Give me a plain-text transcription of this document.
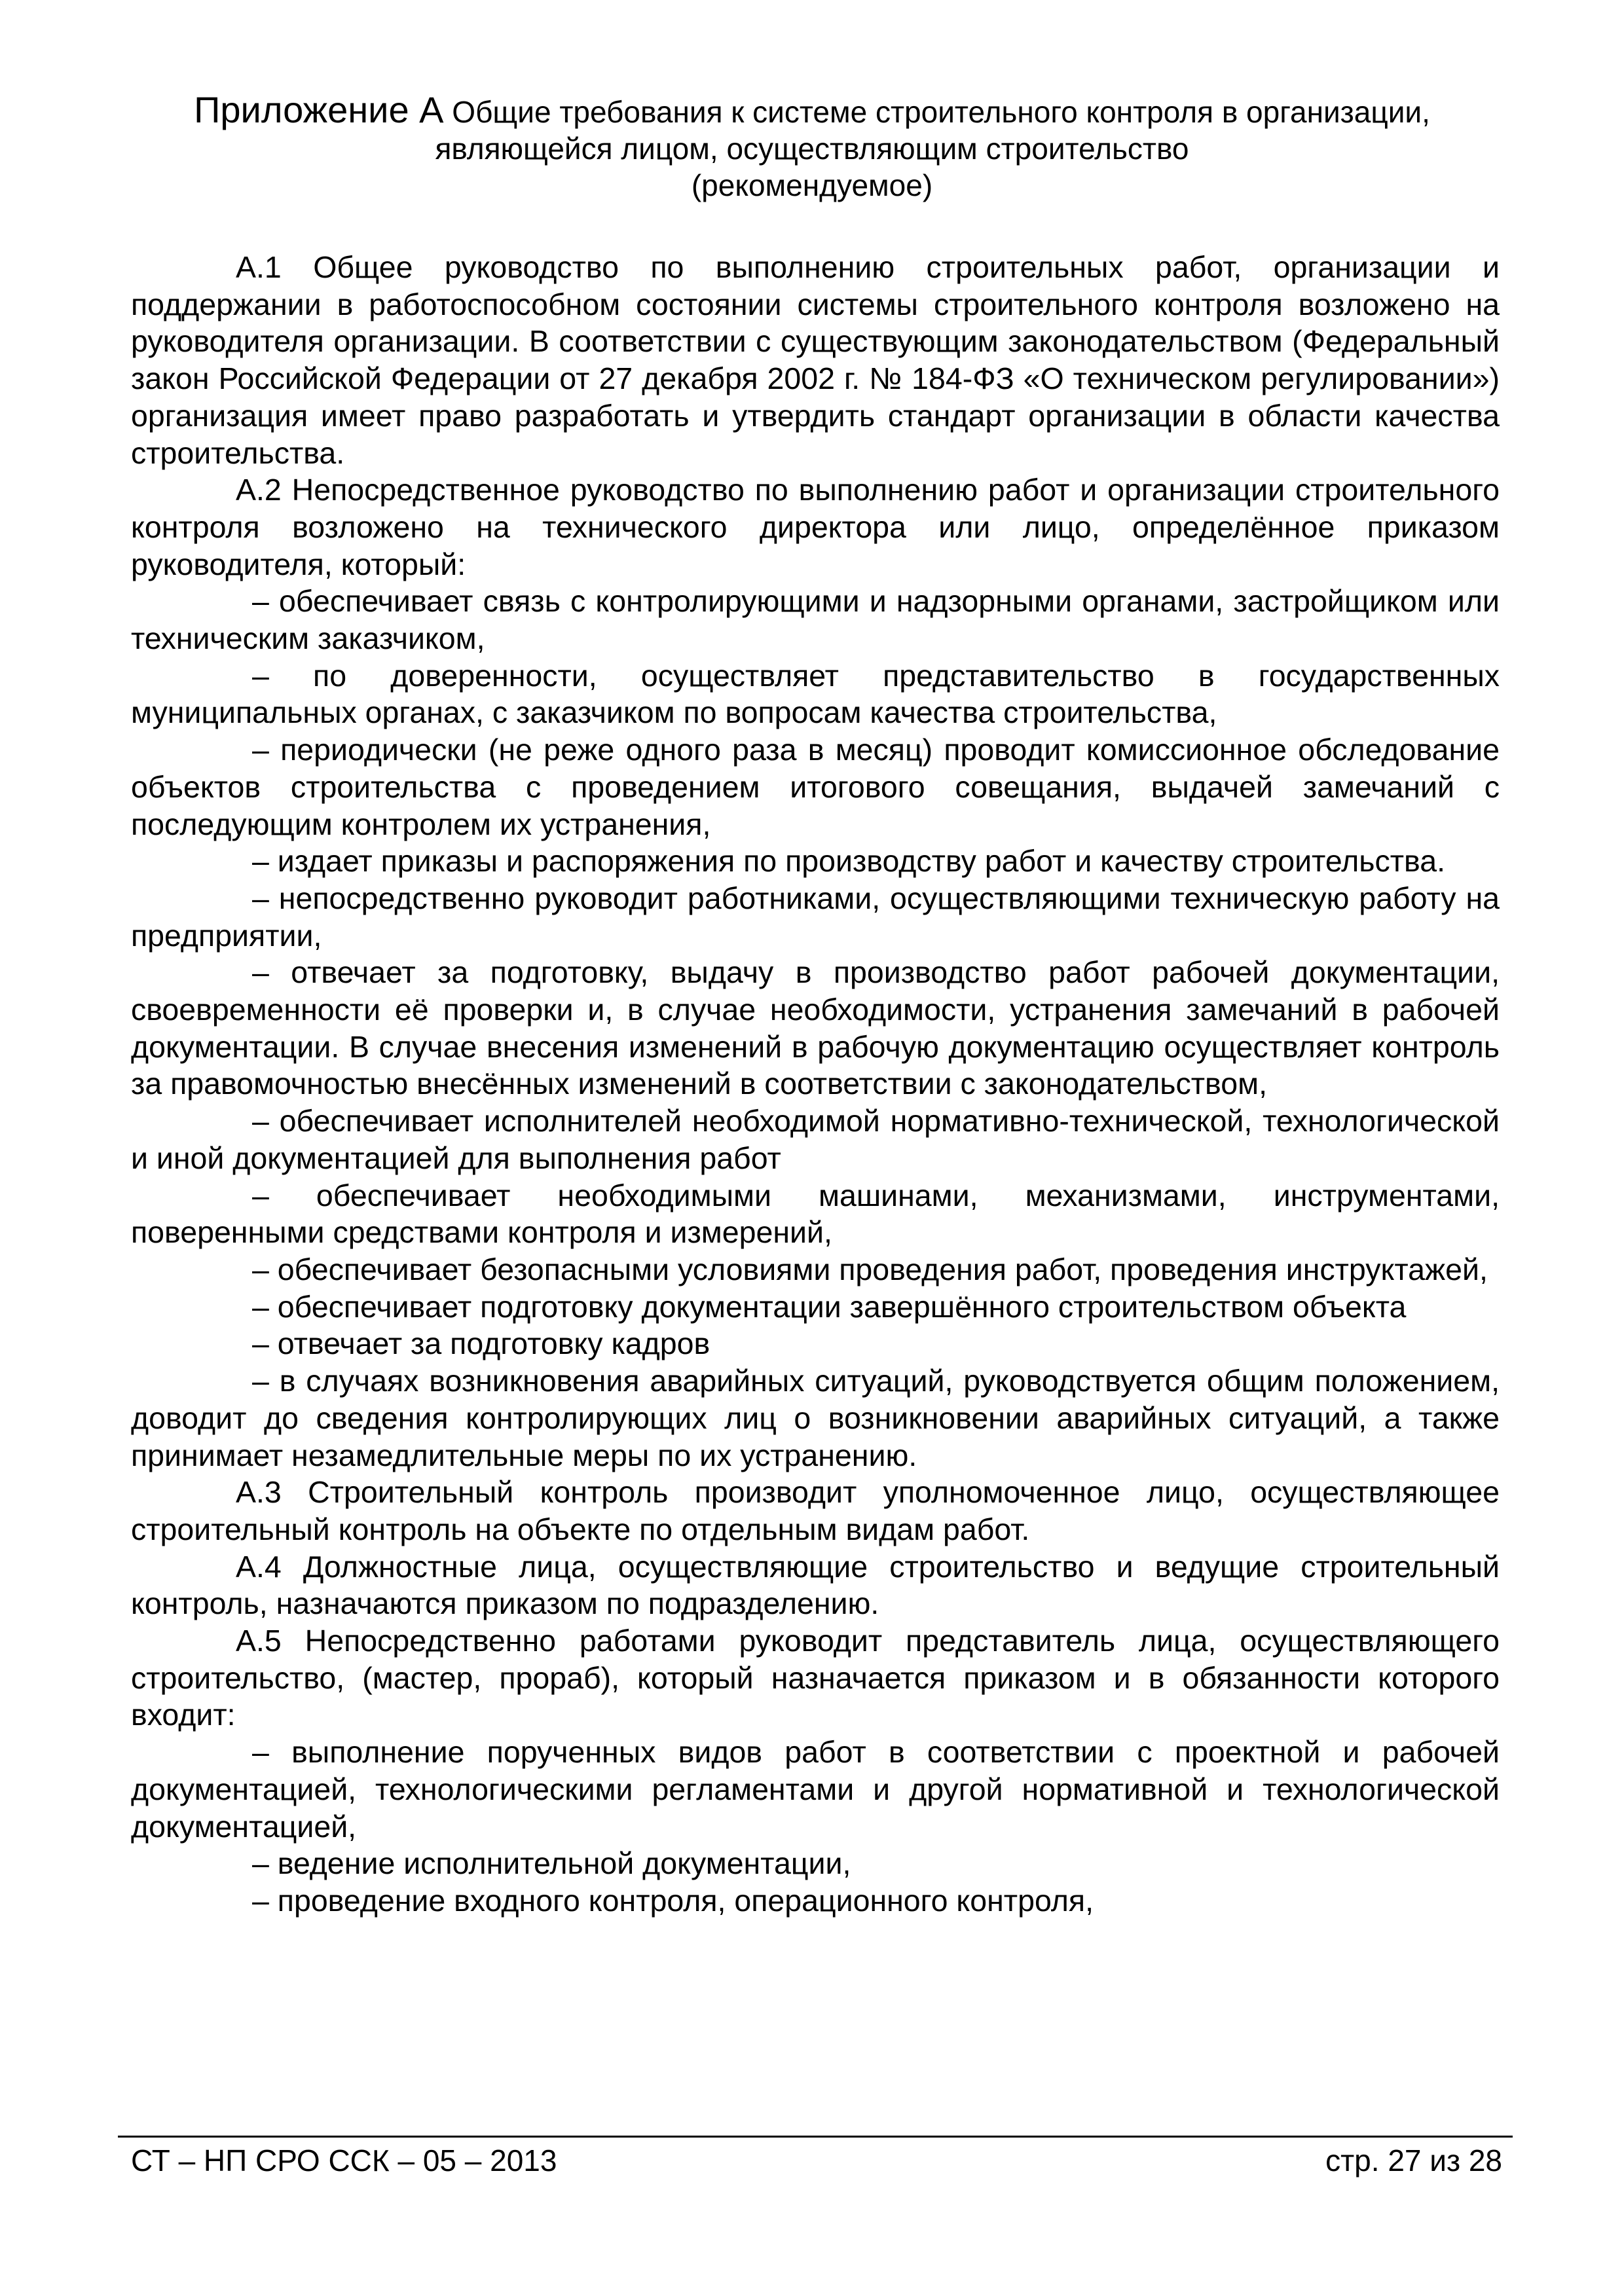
Приложение А Общие требования к системе строительного контроля в организации,
являющейся лицом, осуществляющим строительство
(рекомендуемое)

А.1 Общее руководство по выполнению строительных работ, организации и поддержании в работоспособном состоянии системы строительного контроля возложено на руководителя организации. В соответствии с существующим законодательством (Федеральный закон Российской Федерации от 27 декабря 2002 г. № 184-ФЗ «О техническом регулировании») организация имеет право разработать и утвердить стандарт организации в области качества строительства.

А.2 Непосредственное руководство по выполнению работ и организации строительного контроля возложено на технического директора или лицо, определённое приказом руководителя, который:

– обеспечивает связь с контролирующими и надзорными органами, застройщиком или техническим заказчиком,

– по доверенности, осуществляет представительство в государственных муниципальных органах, с заказчиком по вопросам качества строительства,

– периодически (не реже одного раза в месяц) проводит комиссионное обследование объектов строительства с проведением итогового совещания, выдачей замечаний с последующим контролем их устранения,

– издает приказы и распоряжения по производству работ и качеству строительства.

– непосредственно руководит работниками, осуществляющими техническую работу на предприятии,

– отвечает за подготовку, выдачу в производство работ рабочей документации, своевременности её проверки и, в случае необходимости, устранения замечаний в рабочей документации. В случае внесения изменений в рабочую документацию осуществляет контроль за правомочностью внесённых изменений в соответствии с законодательством,

– обеспечивает исполнителей необходимой нормативно-технической, технологической и иной документацией для выполнения работ

– обеспечивает необходимыми машинами, механизмами, инструментами, поверенными средствами контроля и измерений,

– обеспечивает безопасными условиями проведения работ, проведения инструктажей,

– обеспечивает подготовку документации завершённого строительством объекта

– отвечает за подготовку кадров

– в случаях возникновения аварийных ситуаций, руководствуется общим положением, доводит до сведения контролирующих лиц о возникновении аварийных ситуаций, а также принимает незамедлительные меры по их устранению.

А.3 Строительный контроль производит уполномоченное лицо, осуществляющее строительный контроль на объекте по отдельным видам работ.

А.4 Должностные лица, осуществляющие строительство и ведущие строительный контроль, назначаются приказом по подразделению.

А.5 Непосредственно работами руководит представитель лица, осуществляющего строительство, (мастер, прораб), который назначается приказом и в обязанности которого входит:

– выполнение порученных видов работ в соответствии с проектной и рабочей документацией, технологическими регламентами и другой нормативной и технологической документацией,

– ведение исполнительной документации,

– проведение входного контроля, операционного контроля,

СТ – НП СРО ССК – 05 – 2013	стр. 27 из 28
